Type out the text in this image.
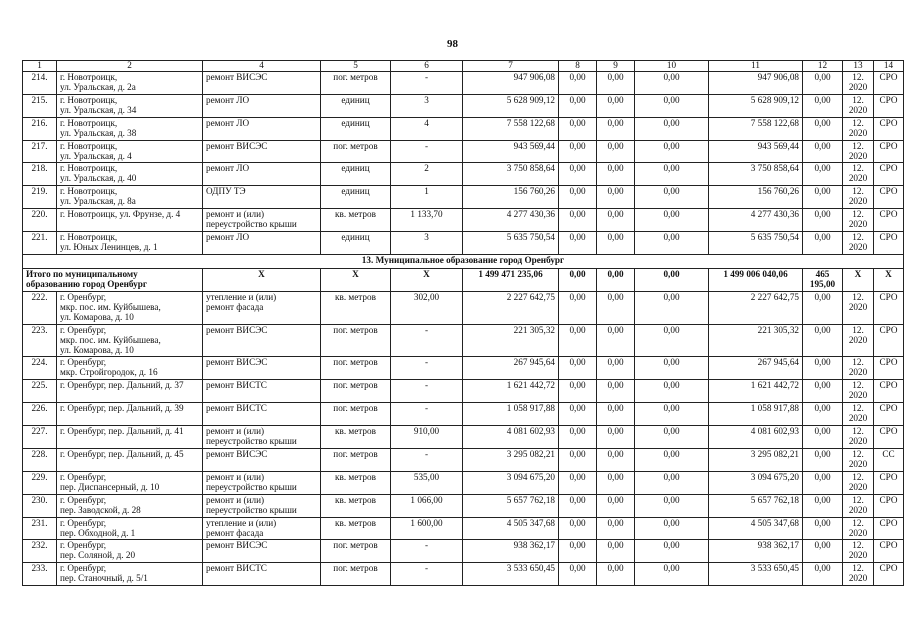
98
1	2	4	5	6	7	8	9	10	11	12	13	14
214.	г. Новотроицк,
ул. Уральская, д. 2а	ремонт ВИСЭС	пог. метров	-	947 906,08	0,00	0,00	0,00	947 906,08	0,00	12.
2020	СРО
215.	г. Новотроицк,
ул. Уральская, д. 34	ремонт ЛО	единиц	3	5 628 909,12	0,00	0,00	0,00	5 628 909,12	0,00	12.
2020	СРО
216.	г. Новотроицк,
ул. Уральская, д. 38	ремонт ЛО	единиц	4	7 558 122,68	0,00	0,00	0,00	7 558 122,68	0,00	12.
2020	СРО
217.	г. Новотроицк,
ул. Уральская, д. 4	ремонт ВИСЭС	пог. метров	-	943 569,44	0,00	0,00	0,00	943 569,44	0,00	12.
2020	СРО
218.	г. Новотроицк,
ул. Уральская, д. 40	ремонт ЛО	единиц	2	3 750 858,64	0,00	0,00	0,00	3 750 858,64	0,00	12.
2020	СРО
219.	г. Новотроицк,
ул. Уральская, д. 8а	ОДПУ ТЭ	единиц	1	156 760,26	0,00	0,00	0,00	156 760,26	0,00	12.
2020	СРО
220.	г. Новотроицк, ул. Фрунзе, д. 4	ремонт и (или)
переустройство крыши	кв. метров	1 133,70	4 277 430,36	0,00	0,00	0,00	4 277 430,36	0,00	12.
2020	СРО
221.	г. Новотроицк,
ул. Юных Ленинцев, д. 1	ремонт ЛО	единиц	3	5 635 750,54	0,00	0,00	0,00	5 635 750,54	0,00	12.
2020	СРО
13. Муниципальное образование город Оренбург												
Итого по муниципальному
образованию город Оренбург		X	X	X	1 499 471 235,06	0,00	0,00	0,00	1 499 006 040,06	465 195,00	X	X
222.	г. Оренбург,
мкр. пос. им. Куйбышева,
ул. Комарова, д. 10	утепление и (или)
ремонт фасада	кв. метров	302,00	2 227 642,75	0,00	0,00	0,00	2 227 642,75	0,00	12.
2020	СРО
223.	г. Оренбург,
мкр. пос. им. Куйбышева,
ул. Комарова, д. 10	ремонт ВИСЭС	пог. метров	-	221 305,32	0,00	0,00	0,00	221 305,32	0,00	12.
2020	СРО
224.	г. Оренбург,
мкр. Стройгородок, д. 16	ремонт ВИСЭС	пог. метров	-	267 945,64	0,00	0,00	0,00	267 945,64	0,00	12.
2020	СРО
225.	г. Оренбург, пер. Дальний, д. 37	ремонт ВИСТС	пог. метров	-	1 621 442,72	0,00	0,00	0,00	1 621 442,72	0,00	12.
2020	СРО
226.	г. Оренбург, пер. Дальний, д. 39	ремонт ВИСТС	пог. метров	-	1 058 917,88	0,00	0,00	0,00	1 058 917,88	0,00	12.
2020	СРО
227.	г. Оренбург, пер. Дальний, д. 41	ремонт и (или)
переустройство крыши	кв. метров	910,00	4 081 602,93	0,00	0,00	0,00	4 081 602,93	0,00	12.
2020	СРО
228.	г. Оренбург, пер. Дальний, д. 45	ремонт ВИСЭС	пог. метров	-	3 295 082,21	0,00	0,00	0,00	3 295 082,21	0,00	12.
2020	СС
229.	г. Оренбург,
пер. Диспансерный, д. 10	ремонт и (или)
переустройство крыши	кв. метров	535,00	3 094 675,20	0,00	0,00	0,00	3 094 675,20	0,00	12.
2020	СРО
230.	г. Оренбург,
пер. Заводской, д. 28	ремонт и (или)
переустройство крыши	кв. метров	1 066,00	5 657 762,18	0,00	0,00	0,00	5 657 762,18	0,00	12.
2020	СРО
231.	г. Оренбург,
пер. Обходной, д. 1	утепление и (или)
ремонт фасада	кв. метров	1 600,00	4 505 347,68	0,00	0,00	0,00	4 505 347,68	0,00	12.
2020	СРО
232.	г. Оренбург,
пер. Соляной, д. 20	ремонт ВИСЭС	пог. метров	-	938 362,17	0,00	0,00	0,00	938 362,17	0,00	12.
2020	СРО
233.	г. Оренбург,
пер. Станочный, д. 5/1	ремонт ВИСТС	пог. метров	-	3 533 650,45	0,00	0,00	0,00	3 533 650,45	0,00	12.
2020	СРО
